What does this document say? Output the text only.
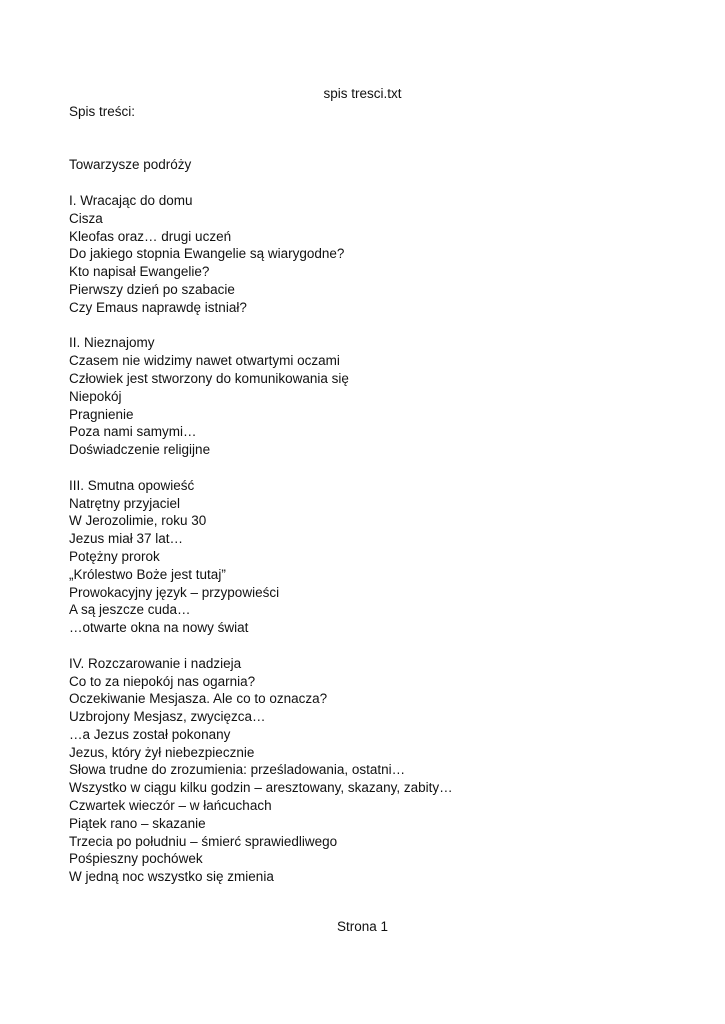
spis tresci.txt
Spis treści:
Towarzysze podróży
I. Wracając do domu
Cisza
Kleofas oraz… drugi uczeń
Do jakiego stopnia Ewangelie są wiarygodne?
Kto napisał Ewangelie?
Pierwszy dzień po szabacie
Czy Emaus naprawdę istniał?
II. Nieznajomy
Czasem nie widzimy nawet otwartymi oczami
Człowiek jest stworzony do komunikowania się
Niepokój
Pragnienie
Poza nami samymi…
Doświadczenie religijne
III. Smutna opowieść
Natrętny przyjaciel
W Jerozolimie, roku 30
Jezus miał 37 lat…
Potężny prorok
„Królestwo Boże jest tutaj”
Prowokacyjny język – przypowieści
A są jeszcze cuda…
…otwarte okna na nowy świat
IV. Rozczarowanie i nadzieja
Co to za niepokój nas ogarnia?
Oczekiwanie Mesjasza. Ale co to oznacza?
Uzbrojony Mesjasz, zwycięzca…
…a Jezus został pokonany
Jezus, który żył niebezpiecznie
Słowa trudne do zrozumienia: prześladowania, ostatni…
Wszystko w ciągu kilku godzin – aresztowany, skazany, zabity…
Czwartek wieczór – w łańcuchach
Piątek rano – skazanie
Trzecia po południu – śmierć sprawiedliwego
Pośpieszny pochówek
W jedną noc wszystko się zmienia
Strona 1
